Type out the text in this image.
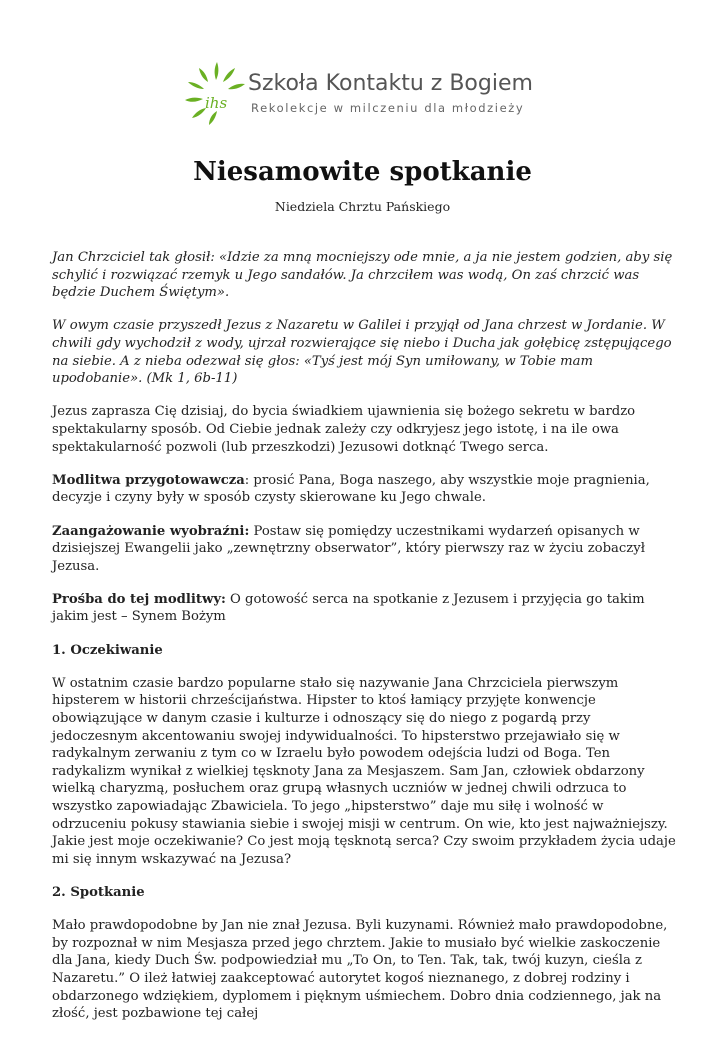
ihs
Szkoła Kontaktu z Bogiem
Rekolekcje w milczeniu dla młodzieży
Niesamowite spotkanie
Niedziela Chrztu Pańskiego

Jan Chrzciciel tak głosił: «Idzie za mną mocniejszy ode mnie, a ja nie jestem godzien, aby się schylić i rozwiązać rzemyk u Jego sandałów. Ja chrzciłem was wodą, On zaś chrzcić was będzie Duchem Świętym».

W owym czasie przyszedł Jezus z Nazaretu w Galilei i przyjął od Jana chrzest w Jordanie. W chwili gdy wychodził z wody, ujrzał rozwierające się niebo i Ducha jak gołębicę zstępującego na siebie. A z nieba odezwał się głos: «Tyś jest mój Syn umiłowany, w Tobie mam upodobanie». (Mk 1, 6b-11)

Jezus zaprasza Cię dzisiaj, do bycia świadkiem ujawnienia się bożego sekretu w bardzo spektakularny sposób. Od Ciebie jednak zależy czy odkryjesz jego istotę, i na ile owa spektakularność pozwoli (lub przeszkodzi) Jezusowi dotknąć Twego serca.

Modlitwa przygotowawcza: prosić Pana, Boga naszego, aby wszystkie moje pragnienia, decyzje i czyny były w sposób czysty skierowane ku Jego chwale.

Zaangażowanie wyobraźni: Postaw się pomiędzy uczestnikami wydarzeń opisanych w dzisiejszej Ewangelii jako „zewnętrzny obserwator”, który pierwszy raz w życiu zobaczył Jezusa.

Prośba do tej modlitwy: O gotowość serca na spotkanie z Jezusem i przyjęcia go takim jakim jest – Synem Bożym

1. Oczekiwanie

W ostatnim czasie bardzo popularne stało się nazywanie Jana Chrzciciela pierwszym hipsterem w historii chrześcijaństwa. Hipster to ktoś łamiący przyjęte konwencje obowiązujące w danym czasie i kulturze i odnoszący się do niego z pogardą przy jedoczesnym akcentowaniu swojej indywidualności. To hipsterstwo przejawiało się w radykalnym zerwaniu z tym co w Izraelu było powodem odejścia ludzi od Boga. Ten radykalizm wynikał z wielkiej tęsknoty Jana za Mesjaszem. Sam Jan, człowiek obdarzony wielką charyzmą, posłuchem oraz grupą własnych uczniów w jednej chwili odrzuca to wszystko zapowiadając Zbawiciela. To jego „hipsterstwo” daje mu siłę i wolność w odrzuceniu pokusy stawiania siebie i swojej misji w centrum. On wie, kto jest najważniejszy.
Jakie jest moje oczekiwanie? Co jest moją tęsknotą serca? Czy swoim przykładem życia udaje mi się innym wskazywać na Jezusa?

2. Spotkanie

Mało prawdopodobne by Jan nie znał Jezusa. Byli kuzynami. Również mało prawdopodobne, by rozpoznał w nim Mesjasza przed jego chrztem. Jakie to musiało być wielkie zaskoczenie dla Jana, kiedy Duch Św. podpowiedział mu „To On, to Ten. Tak, tak, twój kuzyn, cieśla z Nazaretu.” O ileż łatwiej zaakceptować autorytet kogoś nieznanego, z dobrej rodziny i obdarzonego wdziękiem, dyplomem i pięknym uśmiechem. Dobro dnia codziennego, jak na złość, jest pozbawione tej całej
